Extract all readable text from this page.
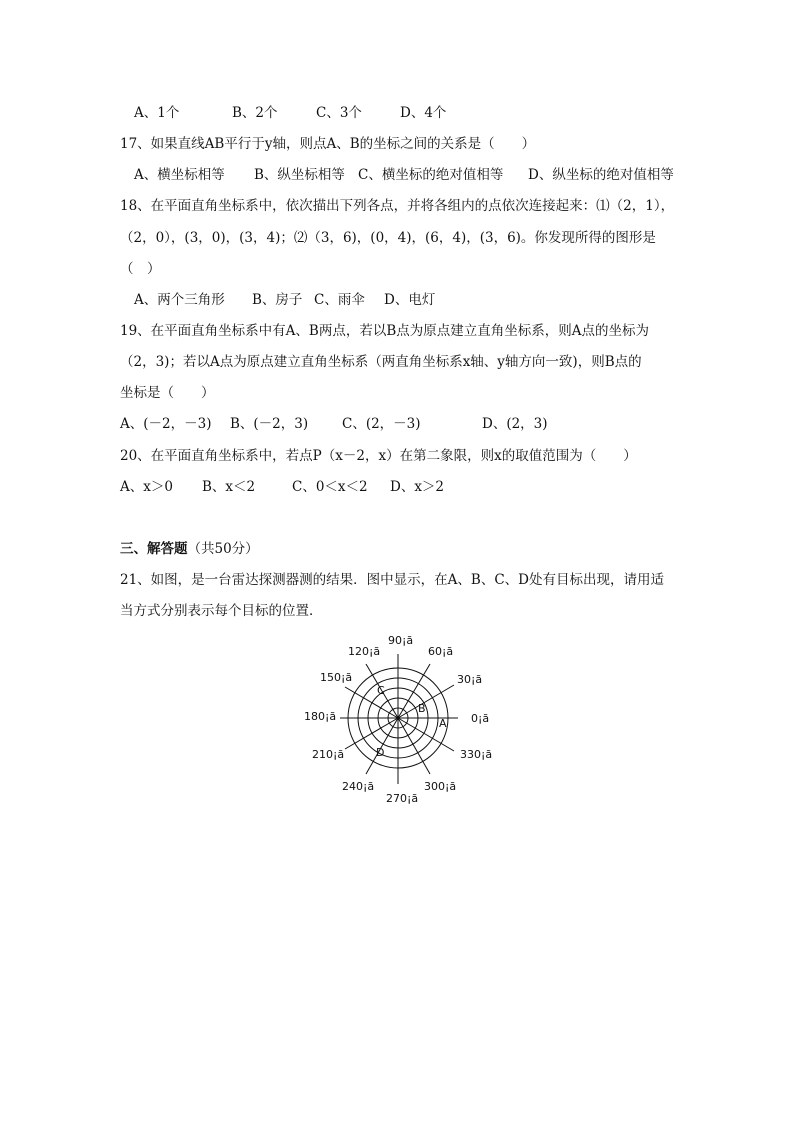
A、1个	B、2个	C、3个	D、4个
17、如果直线AB平行于y轴，则点A、B的坐标之间的关系是（　　）
A、横坐标相等 B、纵坐标相等 C、横坐标的绝对值相等 D、纵坐标的绝对值相等
18、在平面直角坐标系中，依次描出下列各点，并将各组内的点依次连接起来：⑴（2，1），
（2，0），(3，0)，(3，4)；⑵（3，6)，(0，4)，(6，4)，(3，6)。你发现所得的图形是
（　）
A、两个三角形 B、房子 C、雨伞 D、电灯
19、在平面直角坐标系中有A、B两点，若以B点为原点建立直角坐标系，则A点的坐标为
（2，3)；若以A点为原点建立直角坐标系（两直角坐标系x轴、y轴方向一致)，则B点的
坐标是（　　）
A、(－2，－3) B、(－2，3)	C、(2，－3)	D、(2，3)
20、在平面直角坐标系中，若点P（x－2，x）在第二象限，则x的取值范围为（　　）
A、x＞0 B、x＜2	C、0＜x＜2 D、x＞2
三、解答题（共50分）
21、如图，是一台雷达探测器测的结果．图中显示，在A、B、C、D处有目标出现，请用适
当方式分别表示每个目标的位置．
0¡ã
30¡ã
60¡ã
90¡ã
120¡ã
150¡ã
180¡ã
210¡ã
240¡ã
270¡ã
300¡ã
330¡ã
A
B
C
D
